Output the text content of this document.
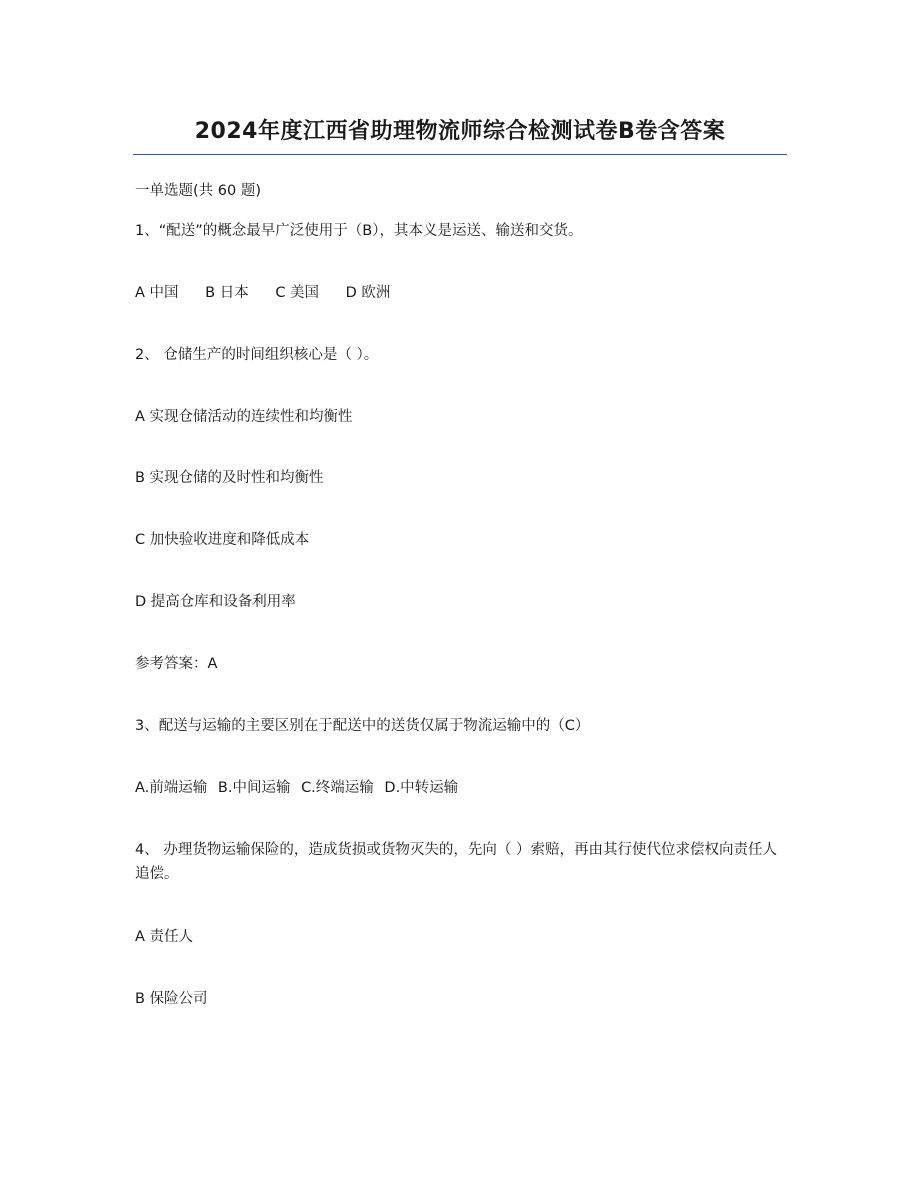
2024年度江西省助理物流师综合检测试卷B卷含答案
一单选题(共 60 题)
1、“配送”的概念最早广泛使用于（B），其本义是运送、输送和交货。
A 中国 B 日本 C 美国 D 欧洲
2、 仓储生产的时间组织核心是（ ）。
A 实现仓储活动的连续性和均衡性
B 实现仓储的及时性和均衡性
C 加快验收进度和降低成本
D 提高仓库和设备利用率
参考答案：A
3、配送与运输的主要区别在于配送中的送货仅属于物流运输中的（C）
A.前端运输 B.中间运输 C.终端运输 D.中转运输
4、 办理货物运输保险的，造成货损或货物灭失的，先向（ ）索赔，再由其行使代位求偿权向责任人追偿。
A 责任人
B 保险公司
